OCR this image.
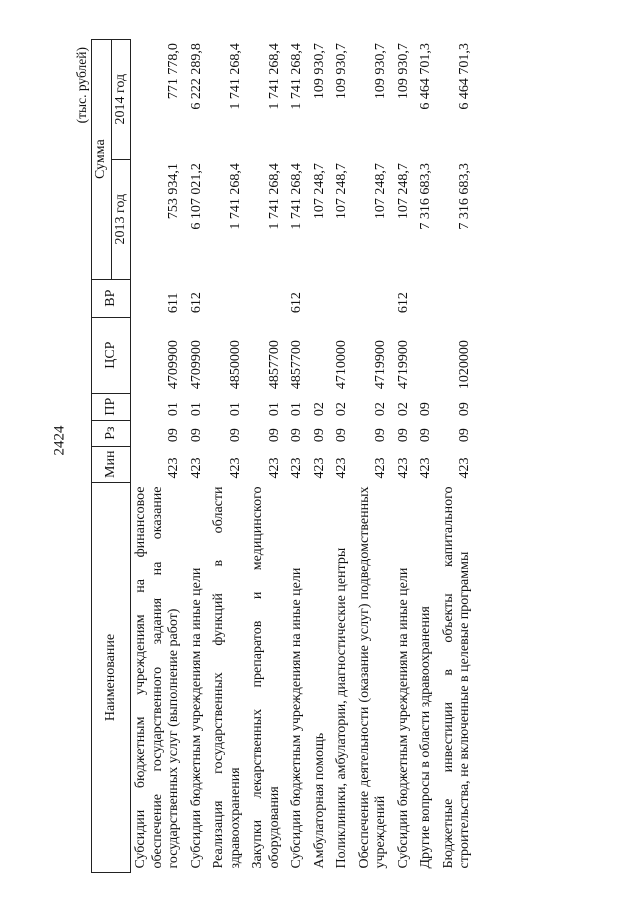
2424
(тыс. рублей)
Наименование	Мин	Рз	ПР	ЦСР	ВР	Сумма	
						2013 год	2014 год
Субсидии бюджетным учреждениям на финансовое обеспечение государственного задания на оказание государственных услуг (выполнение работ)	423	09	01	4709900	611	753 934,1	771 778,0
Субсидии бюджетным учреждениям на иные цели	423	09	01	4709900	612	6 107 021,2	6 222 289,8
Реализация государственных функций в области здравоохранения	423	09	01	4850000		1 741 268,4	1 741 268,4
Закупки лекарственных препаратов и медицинского оборудования	423	09	01	4857700		1 741 268,4	1 741 268,4
Субсидии бюджетным учреждениям на иные цели	423	09	01	4857700	612	1 741 268,4	1 741 268,4
Амбулаторная помощь	423	09	02			107 248,7	109 930,7
Поликлиники, амбулатории, диагностические центры	423	09	02	4710000		107 248,7	109 930,7
Обеспечение деятельности (оказание услуг) подведомственных учреждений	423	09	02	4719900		107 248,7	109 930,7
Субсидии бюджетным учреждениям на иные цели	423	09	02	4719900	612	107 248,7	109 930,7
Другие вопросы в области здравоохранения	423	09	09			7 316 683,3	6 464 701,3
Бюджетные инвестиции в объекты капитального строительства, не включенные в целевые программы	423	09	09	1020000		7 316 683,3	6 464 701,3
